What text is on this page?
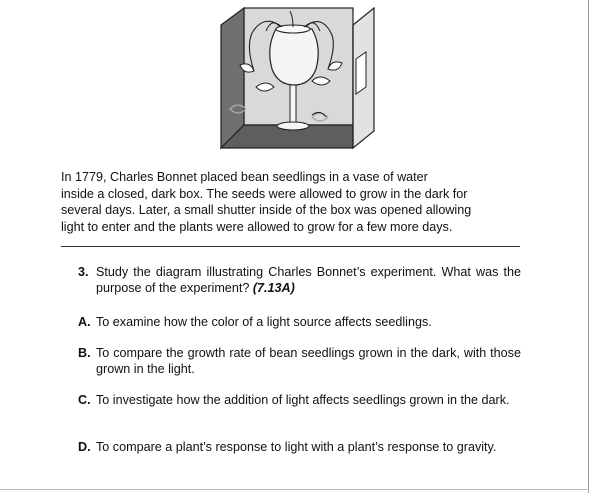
In 1779, Charles Bonnet placed bean seedlings in a vase of water
inside a closed, dark box. The seeds were allowed to grow in the dark for
several days. Later, a small shutter inside of the box was opened allowing
light to enter and the plants were allowed to grow for a few more days.

3. Study the diagram illustrating Charles Bonnet’s experiment. What was the purpose of the experiment? (7.13A)
A. To examine how the color of a light source affects seedlings.
B. To compare the growth rate of bean seedlings grown in the dark, with those grown in the light.
C. To investigate how the addition of light affects seedlings grown in the dark.
D. To compare a plant’s response to light with a plant’s response to gravity.
